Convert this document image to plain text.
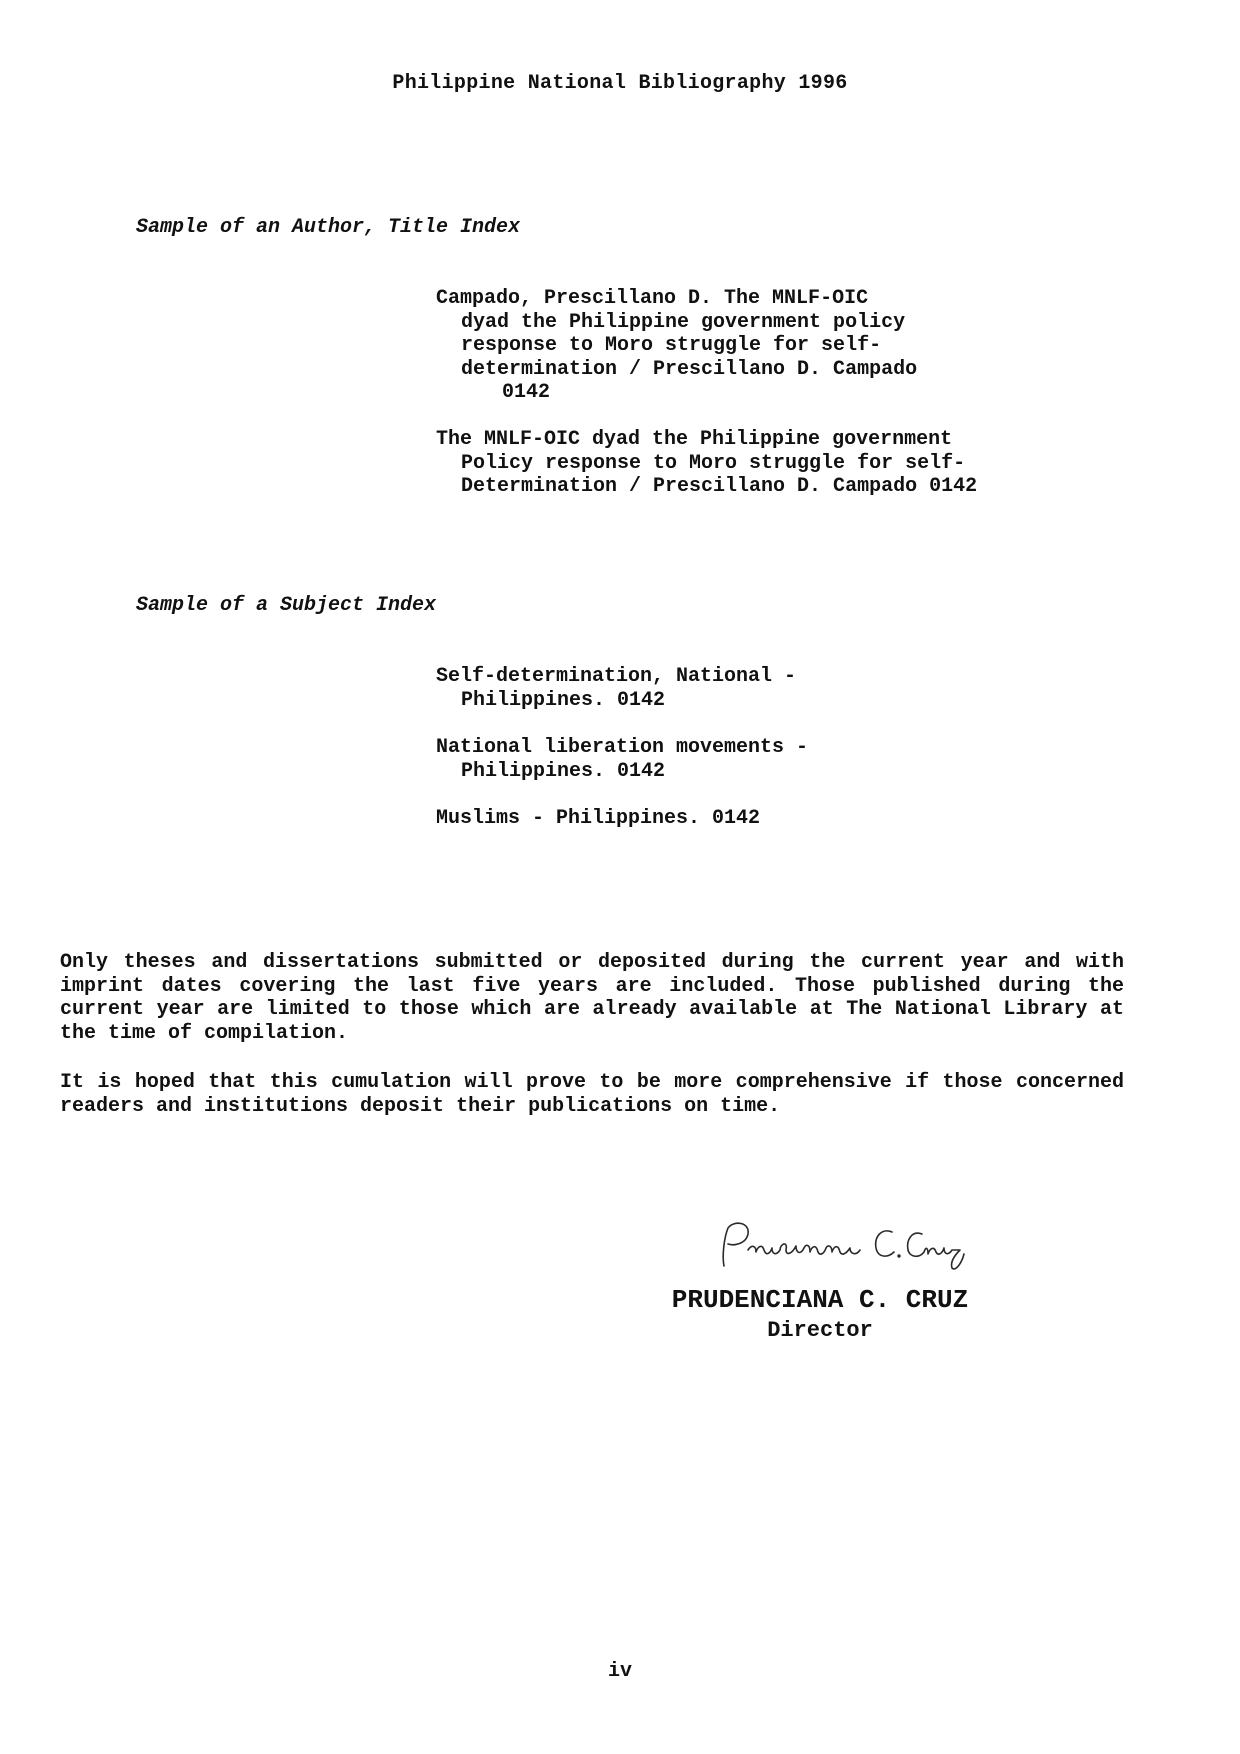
Philippine National Bibliography 1996
Sample of an Author, Title Index
Campado, Prescillano D. The MNLF-OIC
dyad the Philippine government policy
response to Moro struggle for self-
determination / Prescillano D. Campado
0142
The MNLF-OIC dyad the Philippine government
Policy response to Moro struggle for self-
Determination / Prescillano D. Campado 0142
Sample of a Subject Index
Self-determination, National -
Philippines. 0142
National liberation movements -
Philippines. 0142
Muslims - Philippines. 0142

Only theses and dissertations submitted or deposited during the current year and with imprint dates covering the last five years are included. Those published during the current year are limited to those which are already available at The National Library at the time of compilation.

It is hoped that this cumulation will prove to be more comprehensive if those concerned readers and institutions deposit their publications on time.

PRUDENCIANA C. CRUZ
Director
iv
